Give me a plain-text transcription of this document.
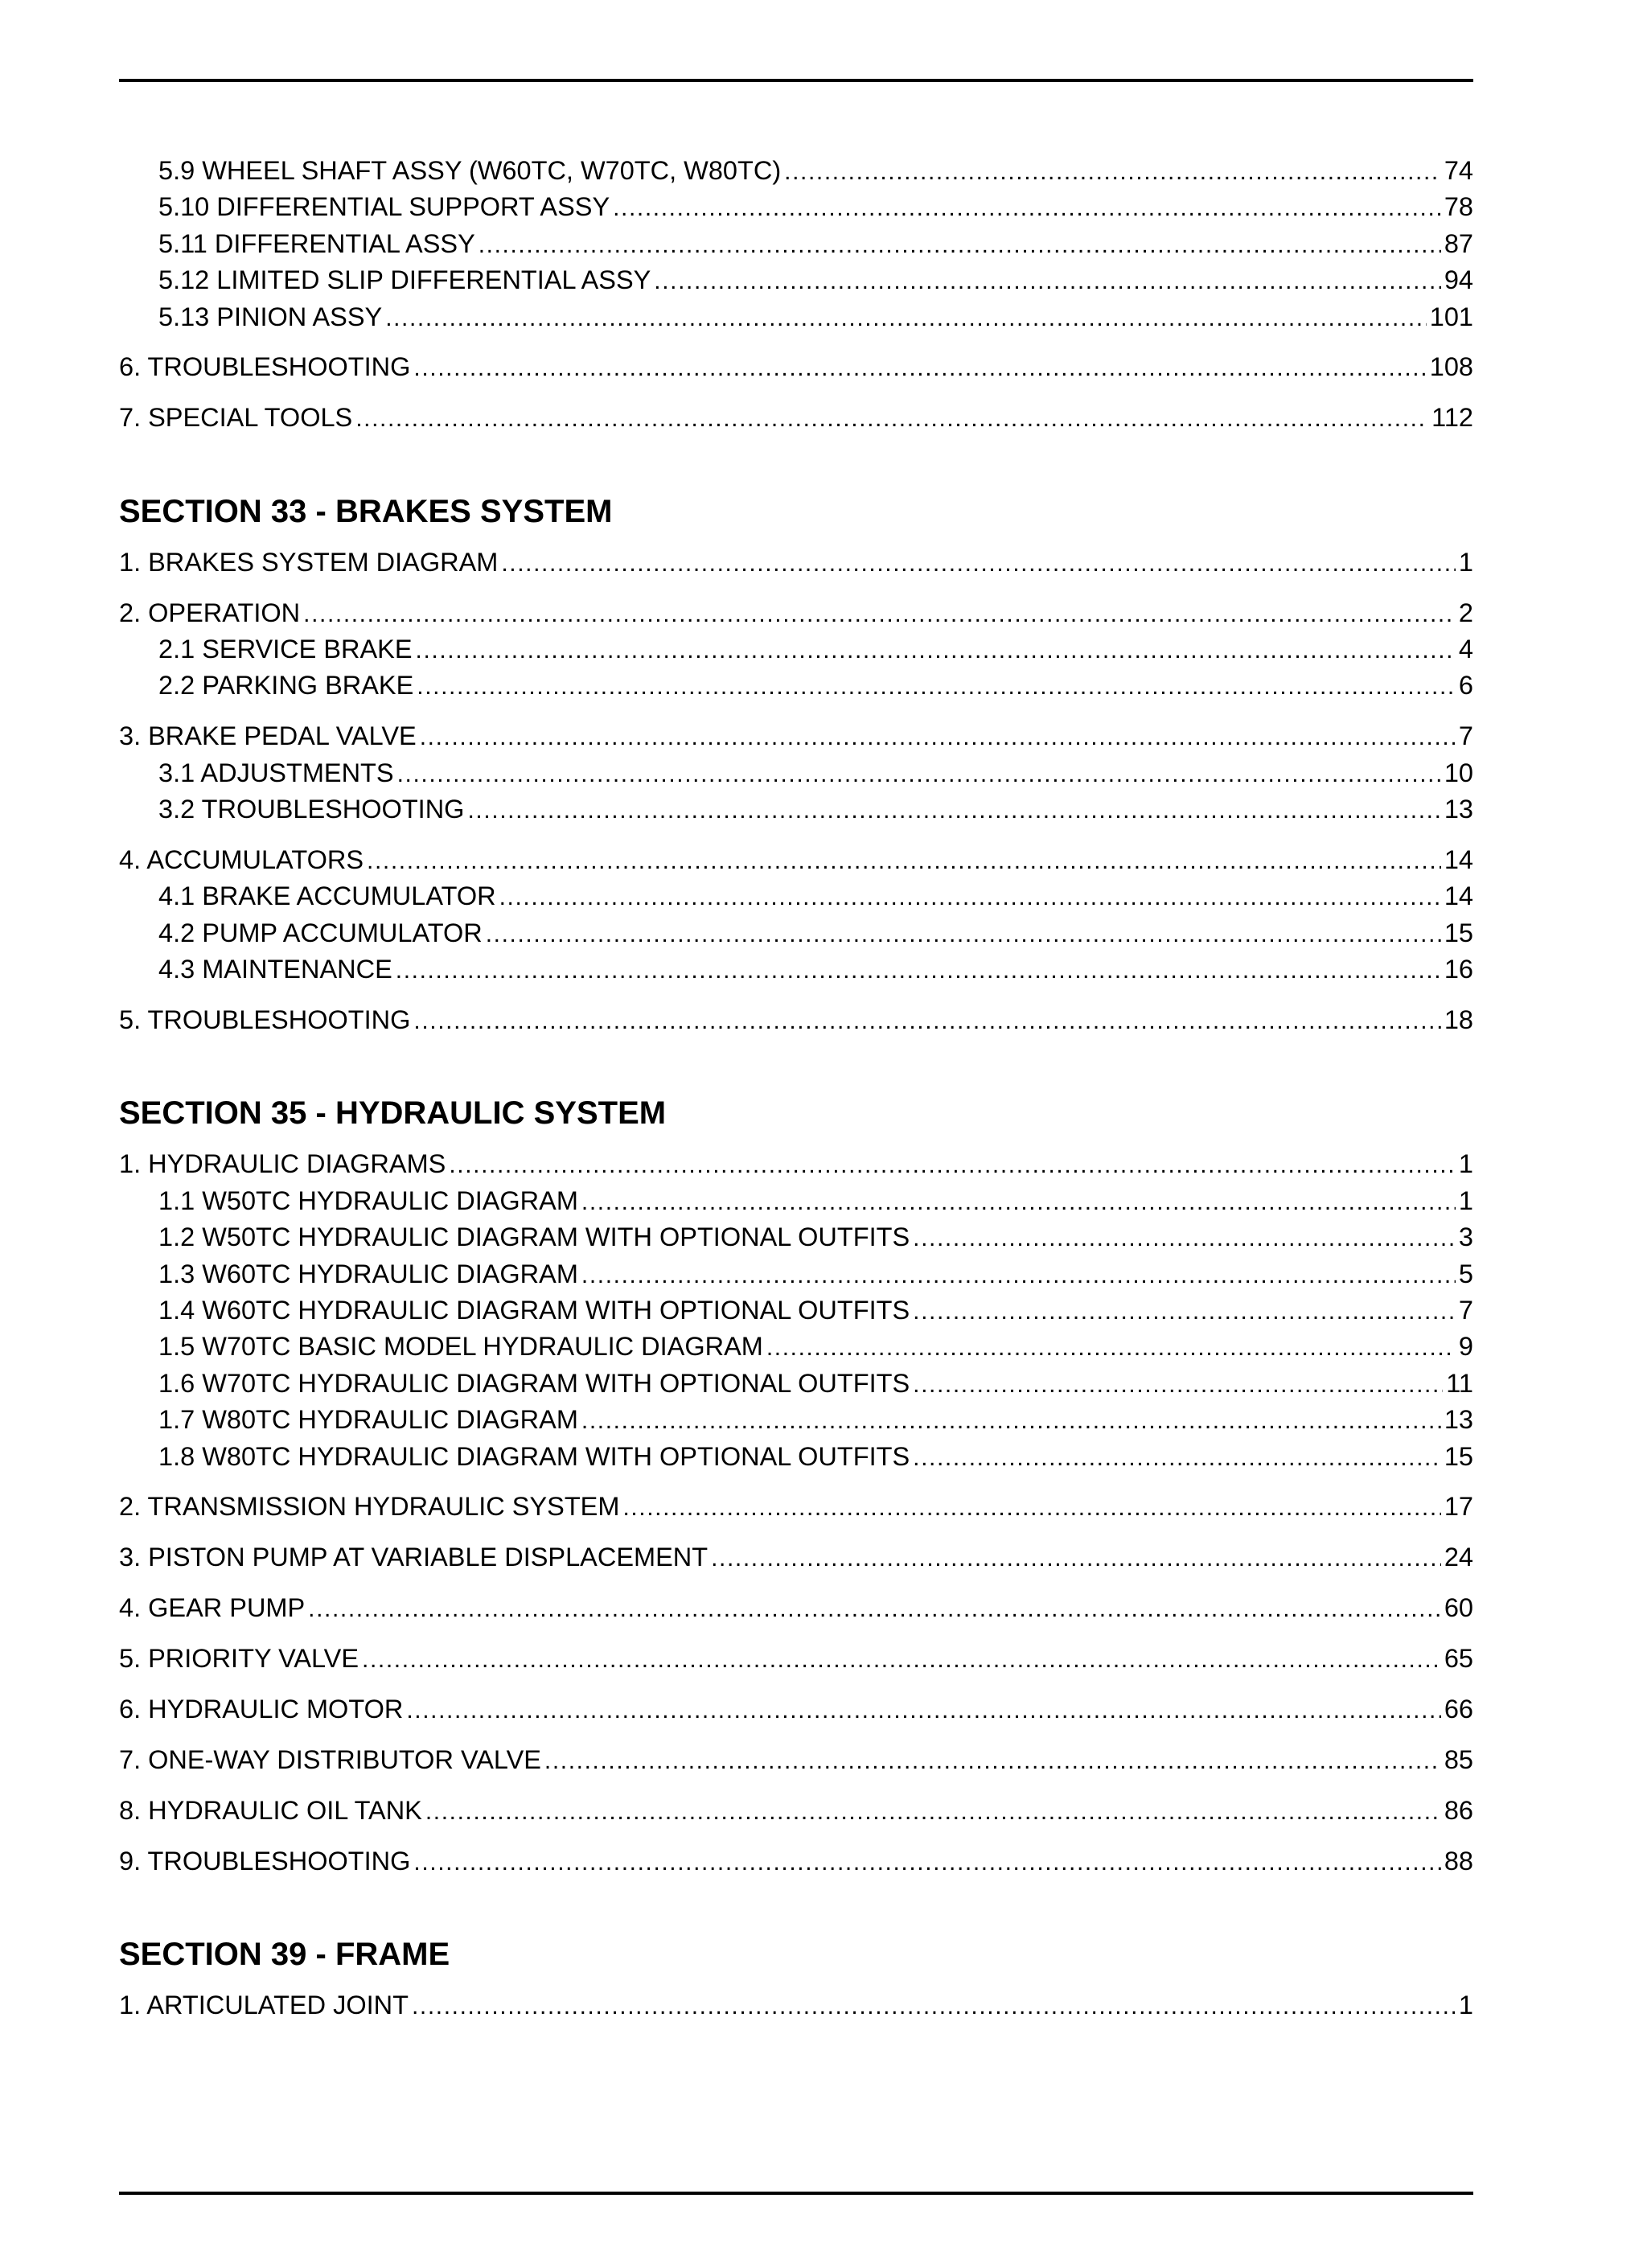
5.9 WHEEL SHAFT ASSY (W60TC, W70TC, W80TC) .....	74
5.10 DIFFERENTIAL SUPPORT ASSY .....	78
5.11 DIFFERENTIAL ASSY .....	87
5.12 LIMITED SLIP DIFFERENTIAL ASSY .....	94
5.13 PINION ASSY .....	101
6. TROUBLESHOOTING .....	108
7. SPECIAL TOOLS .....	112
SECTION 33 - BRAKES SYSTEM
1. BRAKES SYSTEM DIAGRAM .....	1
2. OPERATION .....	2
2.1 SERVICE BRAKE .....	4
2.2 PARKING BRAKE .....	6
3. BRAKE PEDAL VALVE .....	7
3.1 ADJUSTMENTS .....	10
3.2 TROUBLESHOOTING .....	13
4. ACCUMULATORS .....	14
4.1 BRAKE ACCUMULATOR .....	14
4.2 PUMP ACCUMULATOR .....	15
4.3 MAINTENANCE .....	16
5. TROUBLESHOOTING .....	18
SECTION 35 - HYDRAULIC SYSTEM
1. HYDRAULIC DIAGRAMS .....	1
1.1 W50TC HYDRAULIC DIAGRAM .....	1
1.2 W50TC HYDRAULIC DIAGRAM WITH OPTIONAL OUTFITS .....	3
1.3 W60TC HYDRAULIC DIAGRAM .....	5
1.4 W60TC HYDRAULIC DIAGRAM WITH OPTIONAL OUTFITS .....	7
1.5 W70TC BASIC MODEL HYDRAULIC DIAGRAM .....	9
1.6 W70TC HYDRAULIC DIAGRAM WITH OPTIONAL OUTFITS .....	11
1.7 W80TC HYDRAULIC DIAGRAM .....	13
1.8 W80TC HYDRAULIC DIAGRAM WITH OPTIONAL OUTFITS .....	15
2. TRANSMISSION HYDRAULIC SYSTEM .....	17
3. PISTON PUMP AT VARIABLE DISPLACEMENT .....	24
4. GEAR PUMP .....	60
5. PRIORITY VALVE .....	65
6. HYDRAULIC MOTOR .....	66
7. ONE-WAY DISTRIBUTOR VALVE .....	85
8. HYDRAULIC OIL TANK .....	86
9. TROUBLESHOOTING .....	88
SECTION 39 - FRAME
1. ARTICULATED JOINT .....	1
